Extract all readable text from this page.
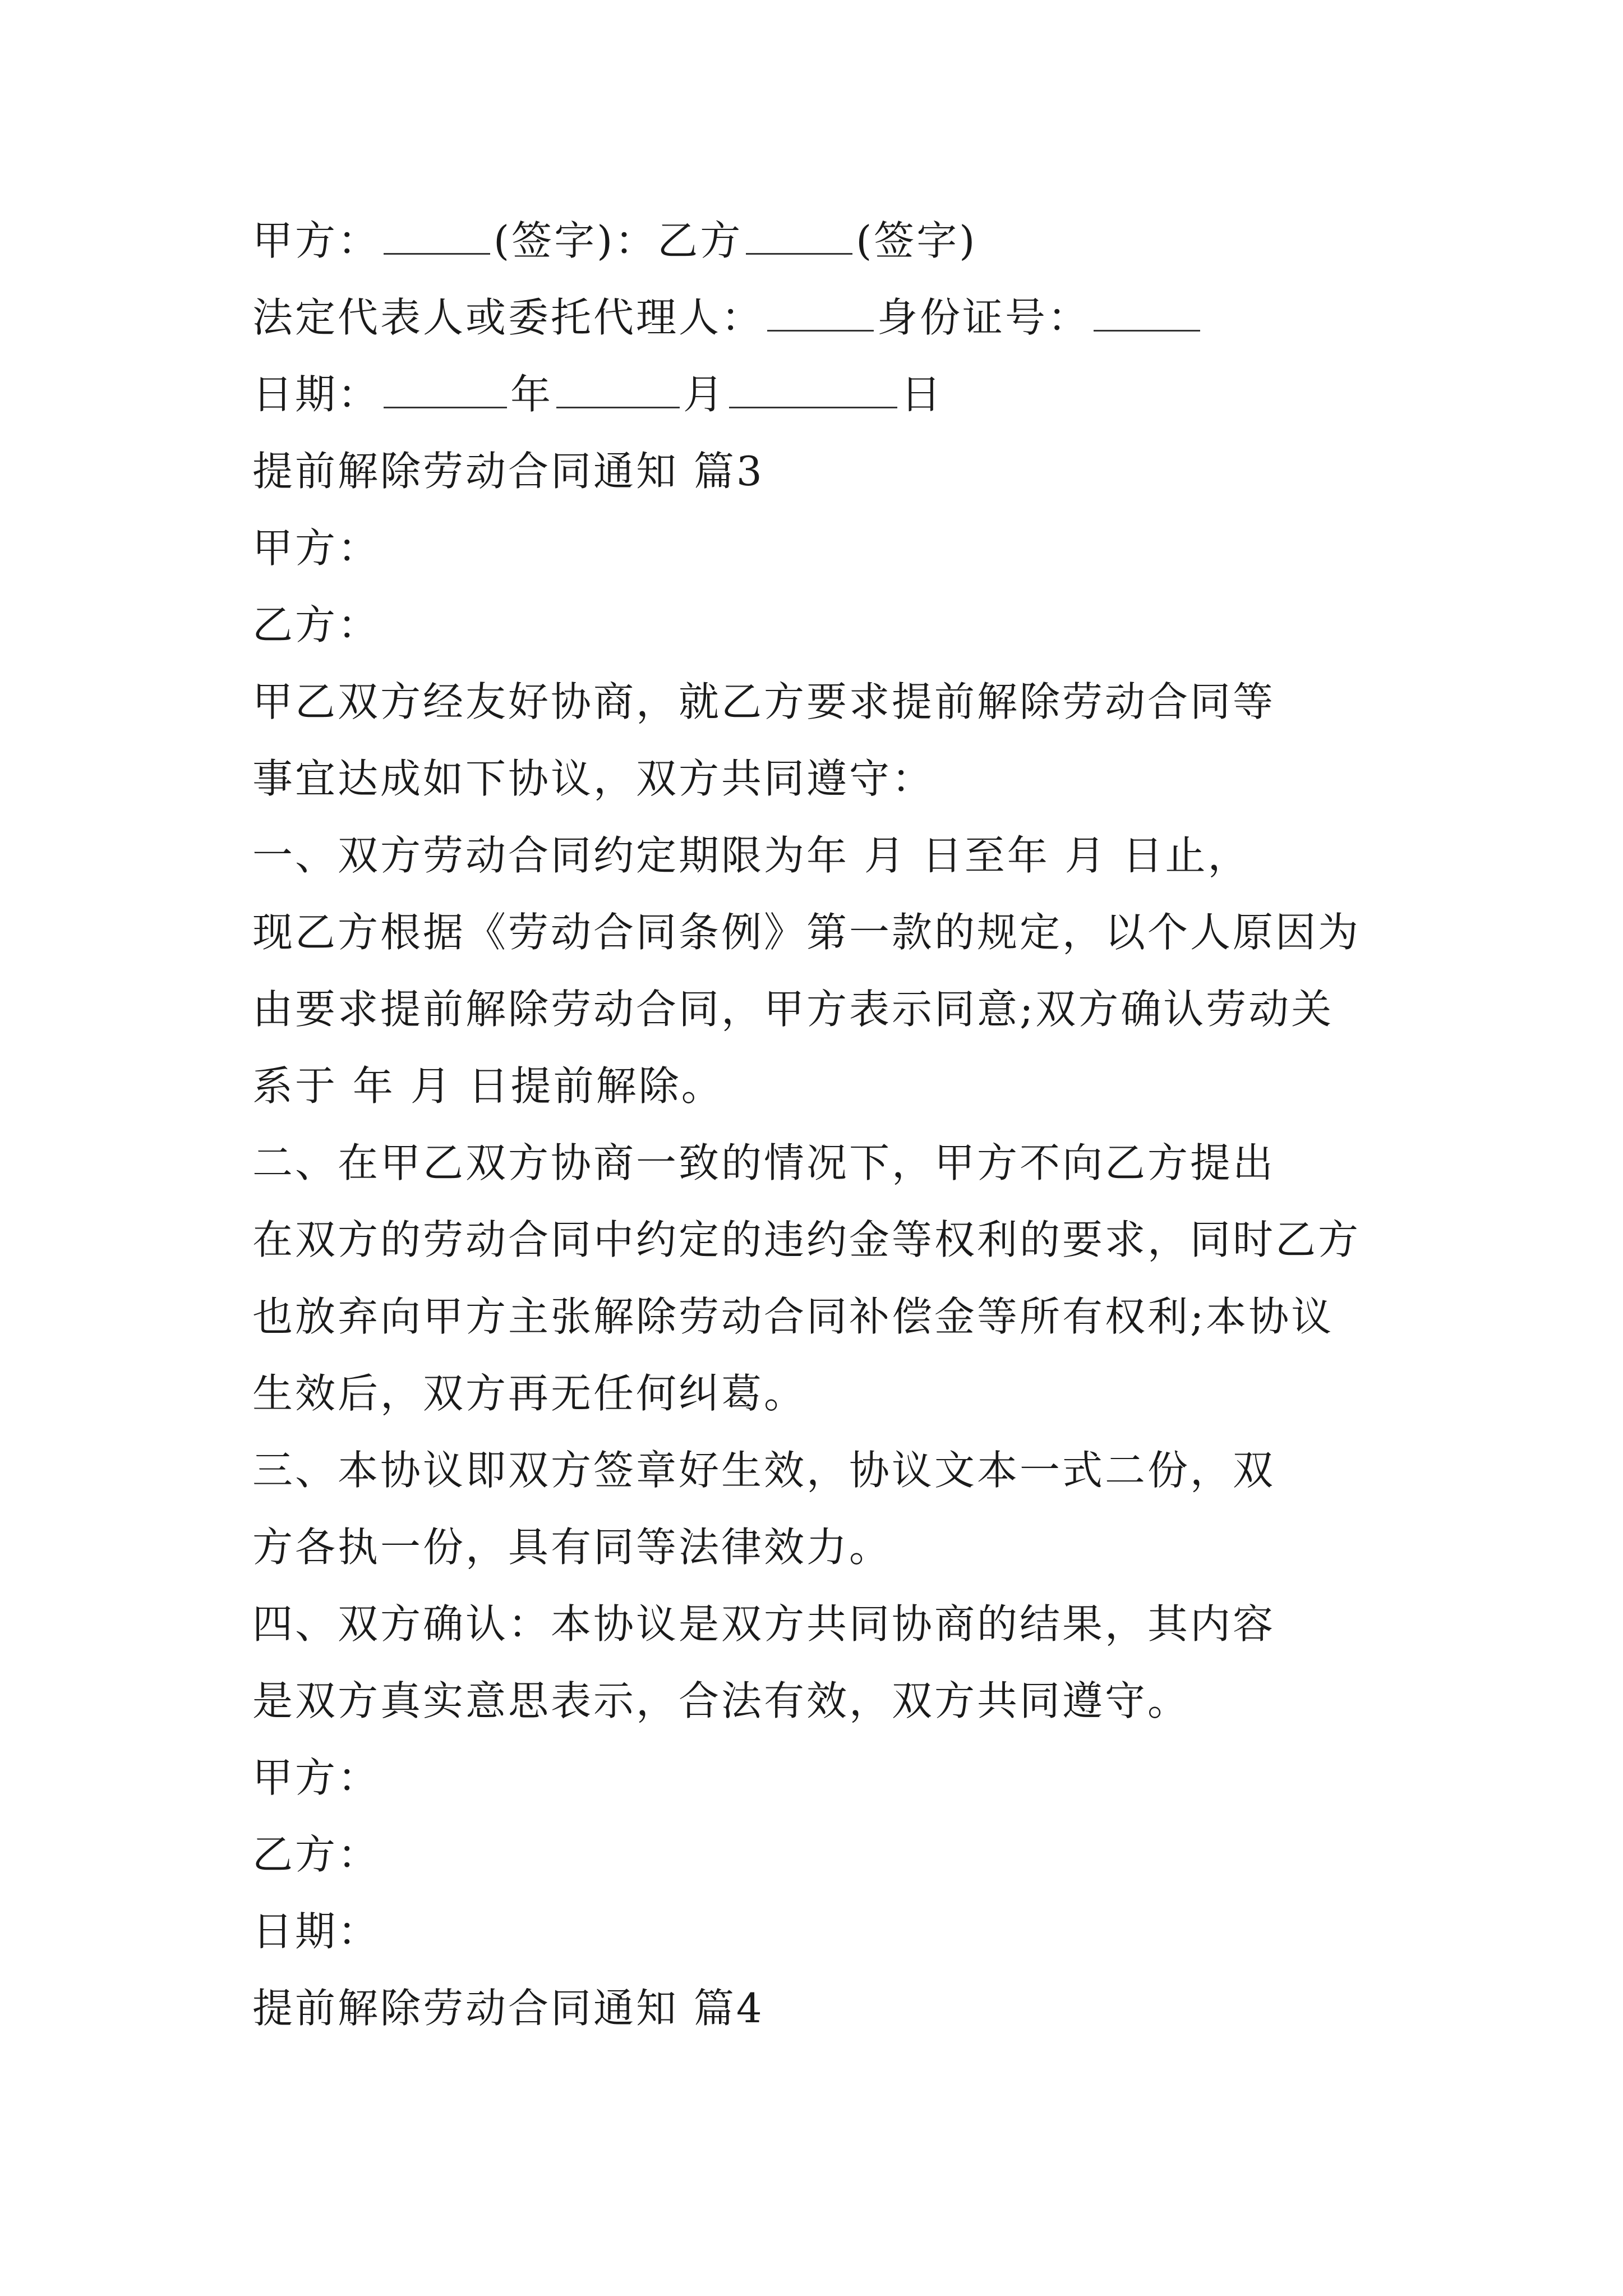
甲方：	(签字)：乙方	(签字)
法定代表人或委托代理人：	身份证号：
日期：	年	月	日
提前解除劳动合同通知 篇3
甲方：
乙方：
甲乙双方经友好协商，就乙方要求提前解除劳动合同等
事宜达成如下协议，双方共同遵守：
一、双方劳动合同约定期限为年 月 日至年 月 日止，
现乙方根据《劳动合同条例》第一款的规定，以个人原因为
由要求提前解除劳动合同，甲方表示同意;双方确认劳动关
系于 年 月 日提前解除。
二、在甲乙双方协商一致的情况下，甲方不向乙方提出
在双方的劳动合同中约定的违约金等权利的要求，同时乙方
也放弃向甲方主张解除劳动合同补偿金等所有权利;本协议
生效后，双方再无任何纠葛。
三、本协议即双方签章好生效，协议文本一式二份，双
方各执一份，具有同等法律效力。
四、双方确认：本协议是双方共同协商的结果，其内容
是双方真实意思表示，合法有效，双方共同遵守。
甲方：
乙方：
日期：
提前解除劳动合同通知 篇4
